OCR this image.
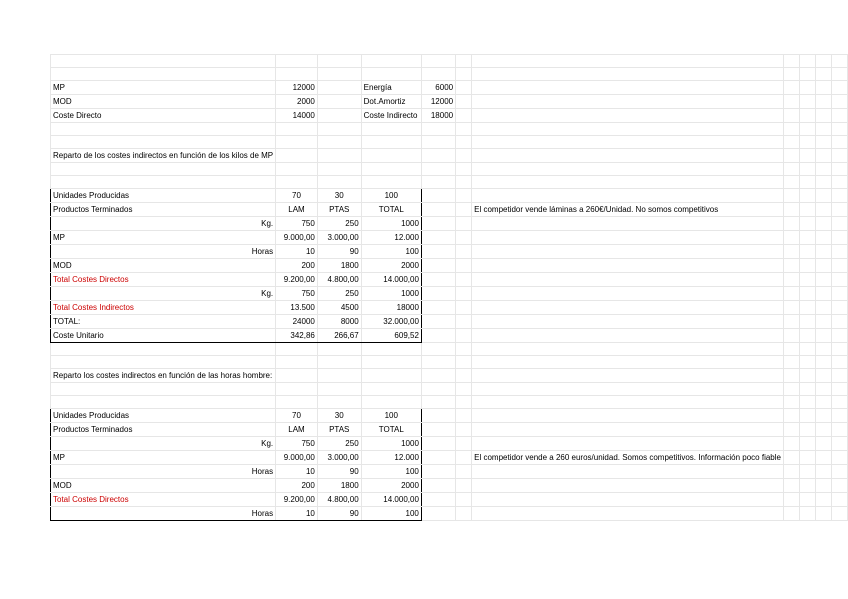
MP	12000		Energía	6000						
MOD	2000		Dot.Amortiz	12000						
Coste Directo	14000		Coste Indirecto	18000						

Reparto de los costes indirectos en función de los kilos de MP										

Unidades Producidas	70	30	100							
Productos Terminados	LAM	PTAS	TOTAL			El competidor vende láminas a 260€/Unidad. No somos competitivos				
Kg.	750	250	1000							
MP	9.000,00	3.000,00	12.000							
Horas	10	90	100							
MOD	200	1800	2000							
Total Costes Directos	9.200,00	4.800,00	14.000,00							
Kg.	750	250	1000							
Total Costes Indirectos	13.500	4500	18000							
TOTAL:	24000	8000	32.000,00							
Coste Unitario	342,86	266,67	609,52							

Reparto los costes indirectos en función de las horas hombre:										

Unidades Producidas	70	30	100							
Productos Terminados	LAM	PTAS	TOTAL							
Kg.	750	250	1000							
MP	9.000,00	3.000,00	12.000			El competidor vende a 260 euros/unidad. Somos competitivos. Información poco fiable				
Horas	10	90	100							
MOD	200	1800	2000							
Total Costes Directos	9.200,00	4.800,00	14.000,00							
Horas	10	90	100							
